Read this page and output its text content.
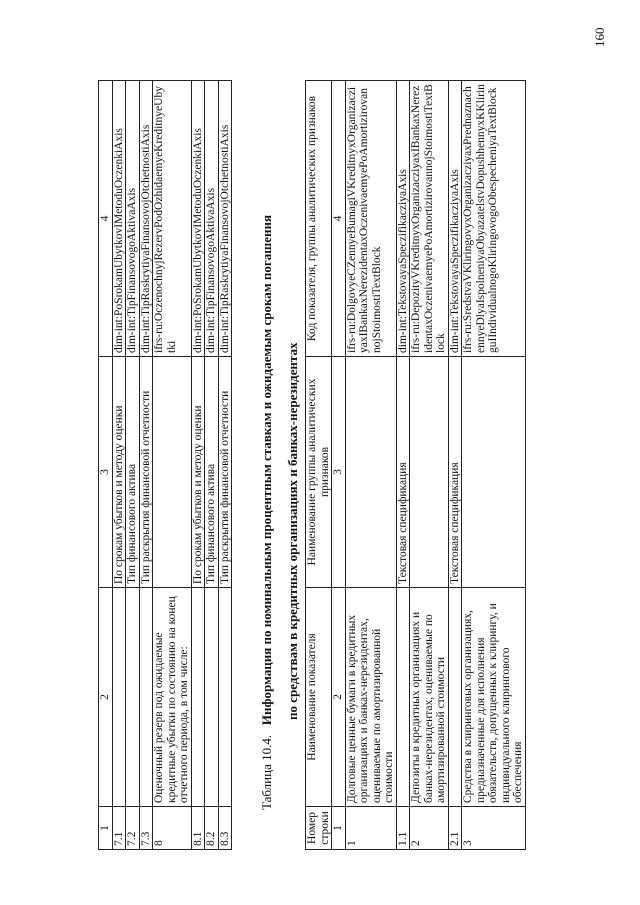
1	2	3	4
7.1		По срокам убытков и методу оценки	dim-int:PoSrokamUbytkovIMetoduOczenkiAxis
7.2		Тип финансового актива	dim-int:TipFinansovogoAktivaAxis
7.3		Тип раскрытия финансовой отчетности	dim-int:TipRaskrytiyaFinansovojOtchetnostiAxis
8	Оценочный резерв под ожидаемые кредитные убытки по состоянию на конец отчетного периода, в том числе:		ifrs-ru:OczenochnyjRezervPodOzhidaemyeKreditnyeUbytki
8.1		По срокам убытков и методу оценки	dim-int:PoSrokamUbytkovIMetoduOczenkiAxis
8.2		Тип финансового актива	dim-int:TipFinansovogoAktivaAxis
8.3		Тип раскрытия финансовой отчетности	dim-int:TipRaskrytiyaFinansovojOtchetnostiAxis
Таблица 10.4.   Информация по номинальным процентным ставкам и ожидаемым срокам погашения по средствам в кредитных организациях и банках-нерезидентах
Номер строки	Наименование показателя	Наименование группы аналитических признаков	Код показателя, группы аналитических признаков
1	2	3	4
1	Долговые ценные бумаги в кредитных организациях и банках-нерезидентах, оцениваемые по амортизированной стоимости		ifrs-ru:DolgovyeCZennyeBumagiVKreditnyxOrganizacziyaxIBankaxNerezidentaxOczenivaemyePoAmortizirovannojStoimostiTextBlock
1.1		Текстовая спецификация	dim-int:TekstovayaSpeczifikacziyaAxis
2	Депозиты в кредитных организациях и банках-нерезидентах, оцениваемые по амортизированной стоимости		ifrs-ru:DepozityVKreditnyxOrganizacziyaxIBankaxNerezidentaxOczenivaemyePoAmortizirovannojStoimostiTextBlock
2.1		Текстовая спецификация	dim-int:TekstovayaSpeczifikacziyaAxis
3	Средства в клиринговых организациях, предназначенные для исполнения обязательств, допущенных к клирингу, и индивидуального клирингового обеспечения		ifrs-ru:SredstvaVKliringovyxOrganizacziyaxPrednaznachennyeDlyaIspolneniyaObyazatelstvDopushhennyxKKliringuIIndividualnogoKliringovogoObespecheniyaTextBlock
160
